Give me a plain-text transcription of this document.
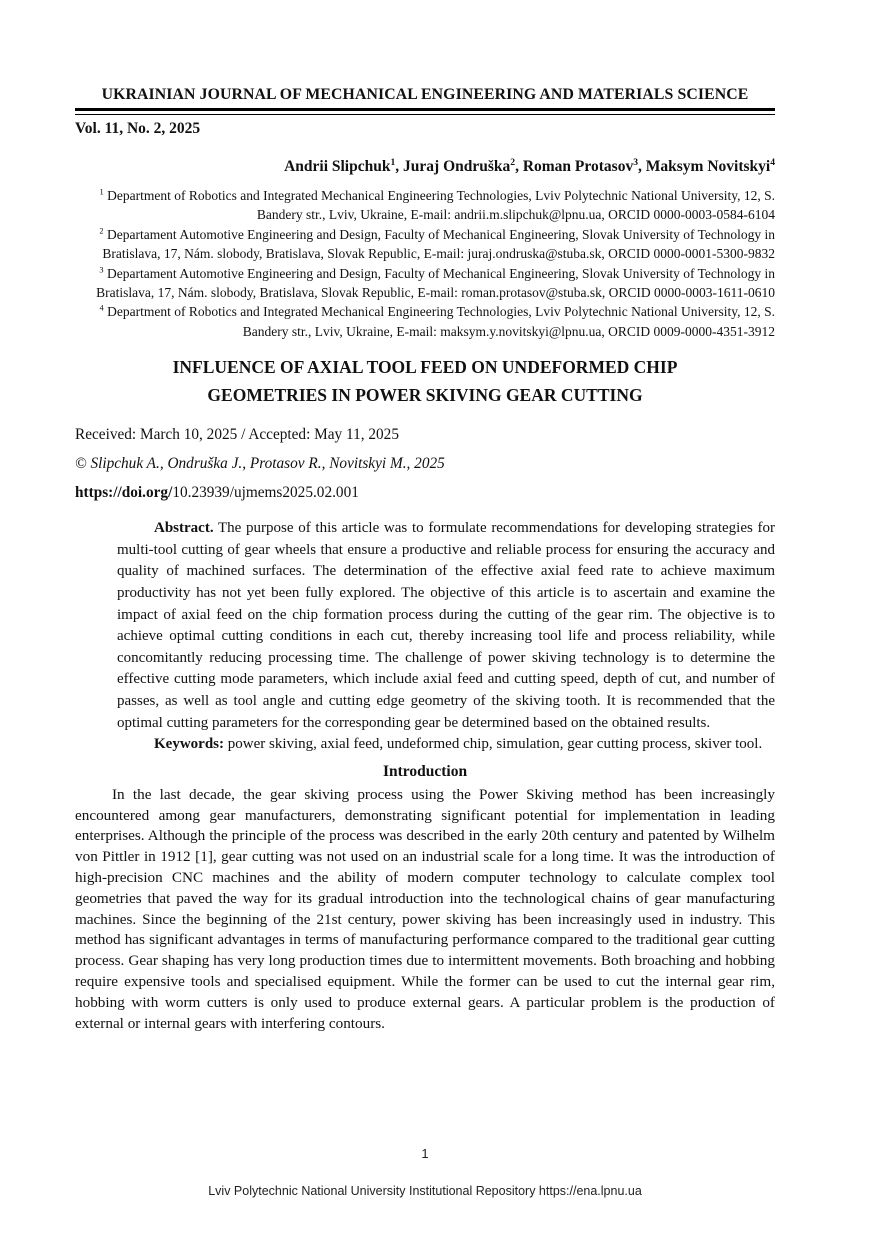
UKRAINIAN JOURNAL OF MECHANICAL ENGINEERING AND MATERIALS SCIENCE
Vol. 11, No. 2, 2025
Andrii Slipchuk$^1$, Juraj Ondruška$^2$, Roman Protasov$^3$, Maksym Novitskyi$^4$

$^1$ Department of Robotics and Integrated Mechanical Engineering Technologies, Lviv Polytechnic National University, 12, S. Bandery str., Lviv, Ukraine, E-mail: andrii.m.slipchuk@lpnu.ua, ORCID 0000-0003-0584-6104

$^2$ Departament Automotive Engineering and Design, Faculty of Mechanical Engineering, Slovak University of Technology in Bratislava, 17, Nám. slobody, Bratislava, Slovak Republic, E-mail: juraj.ondruska@stuba.sk, ORCID 0000-0001-5300-9832

$^3$ Departament Automotive Engineering and Design, Faculty of Mechanical Engineering, Slovak University of Technology in Bratislava, 17, Nám. slobody, Bratislava, Slovak Republic, E-mail: roman.protasov@stuba.sk, ORCID 0000-0003-1611-0610

$^4$ Department of Robotics and Integrated Mechanical Engineering Technologies, Lviv Polytechnic National University, 12, S. Bandery str., Lviv, Ukraine, E-mail: maksym.y.novitskyi@lpnu.ua, ORCID 0009-0000-4351-3912

INFLUENCE OF AXIAL TOOL FEED ON UNDEFORMED CHIP
GEOMETRIES IN POWER SKIVING GEAR CUTTING
Received: March 10, 2025 / Accepted: May 11, 2025
© Slipchuk A., Ondruška J., Protasov R., Novitskyi M., 2025
https://doi.org/10.23939/ujmems2025.02.001

Abstract. The purpose of this article was to formulate recommendations for developing strategies for multi-tool cutting of gear wheels that ensure a productive and reliable process for ensuring the accuracy and quality of machined surfaces. The determination of the effective axial feed rate to achieve maximum productivity has not yet been fully explored. The objective of this article is to ascertain and examine the impact of axial feed on the chip formation process during the cutting of the gear rim. The objective is to achieve optimal cutting conditions in each cut, thereby increasing tool life and process reliability, while concomitantly reducing processing time. The challenge of power skiving technology is to determine the effective cutting mode parameters, which include axial feed and cutting speed, depth of cut, and number of passes, as well as tool angle and cutting edge geometry of the skiving tooth. It is recommended that the optimal cutting parameters for the corresponding gear be determined based on the obtained results.

Keywords: power skiving, axial feed, undeformed chip, simulation, gear cutting process, skiver tool.

Introduction

In the last decade, the gear skiving process using the Power Skiving method has been increasingly encountered among gear manufacturers, demonstrating significant potential for implementation in leading enterprises. Although the principle of the process was described in the early 20th century and patented by Wilhelm von Pittler in 1912 [1], gear cutting was not used on an industrial scale for a long time. It was the introduction of high-precision CNC machines and the ability of modern computer technology to calculate complex tool geometries that paved the way for its gradual introduction into the technological chains of gear manufacturing machines. Since the beginning of the 21st century, power skiving has been increasingly used in industry. This method has significant advantages in terms of manufacturing performance compared to the traditional gear cutting process. Gear shaping has very long production times due to intermittent movements. Both broaching and hobbing require expensive tools and specialised equipment. While the former can be used to cut the internal gear rim, hobbing with worm cutters is only used to produce external gears. A particular problem is the production of external or internal gears with interfering contours.

1
Lviv Polytechnic National University Institutional Repository https://ena.lpnu.ua
